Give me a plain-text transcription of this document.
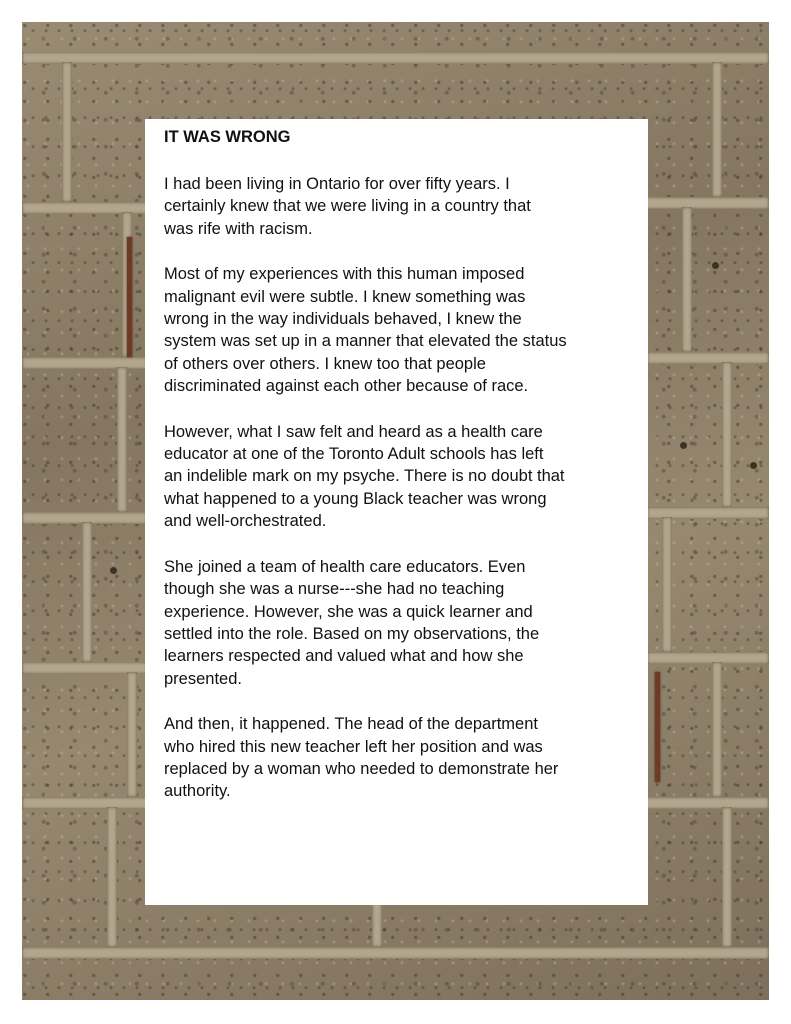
IT WAS WRONG
I had been living in Ontario for over fifty years. I
certainly knew that we were living in a country that
was rife with racism.
Most of my experiences with this human imposed
malignant evil were subtle. I knew something was
wrong in the way individuals behaved, I knew the
system was set up in a manner that elevated the status
of others over others. I knew too that people
discriminated against each other because of race.
However, what I saw felt and heard as a health care
educator at one of the Toronto Adult schools has left
an indelible mark on my psyche. There is no doubt that
what happened to a young Black teacher was wrong
and well-orchestrated.
She joined a team of health care educators. Even
though she was a nurse---she had no teaching
experience. However, she was a quick learner and
settled into the role. Based on my observations, the
learners respected and valued what and how she
presented.
And then, it happened. The head of the department
who hired this new teacher left her position and was
replaced by a woman who needed to demonstrate her
authority.
